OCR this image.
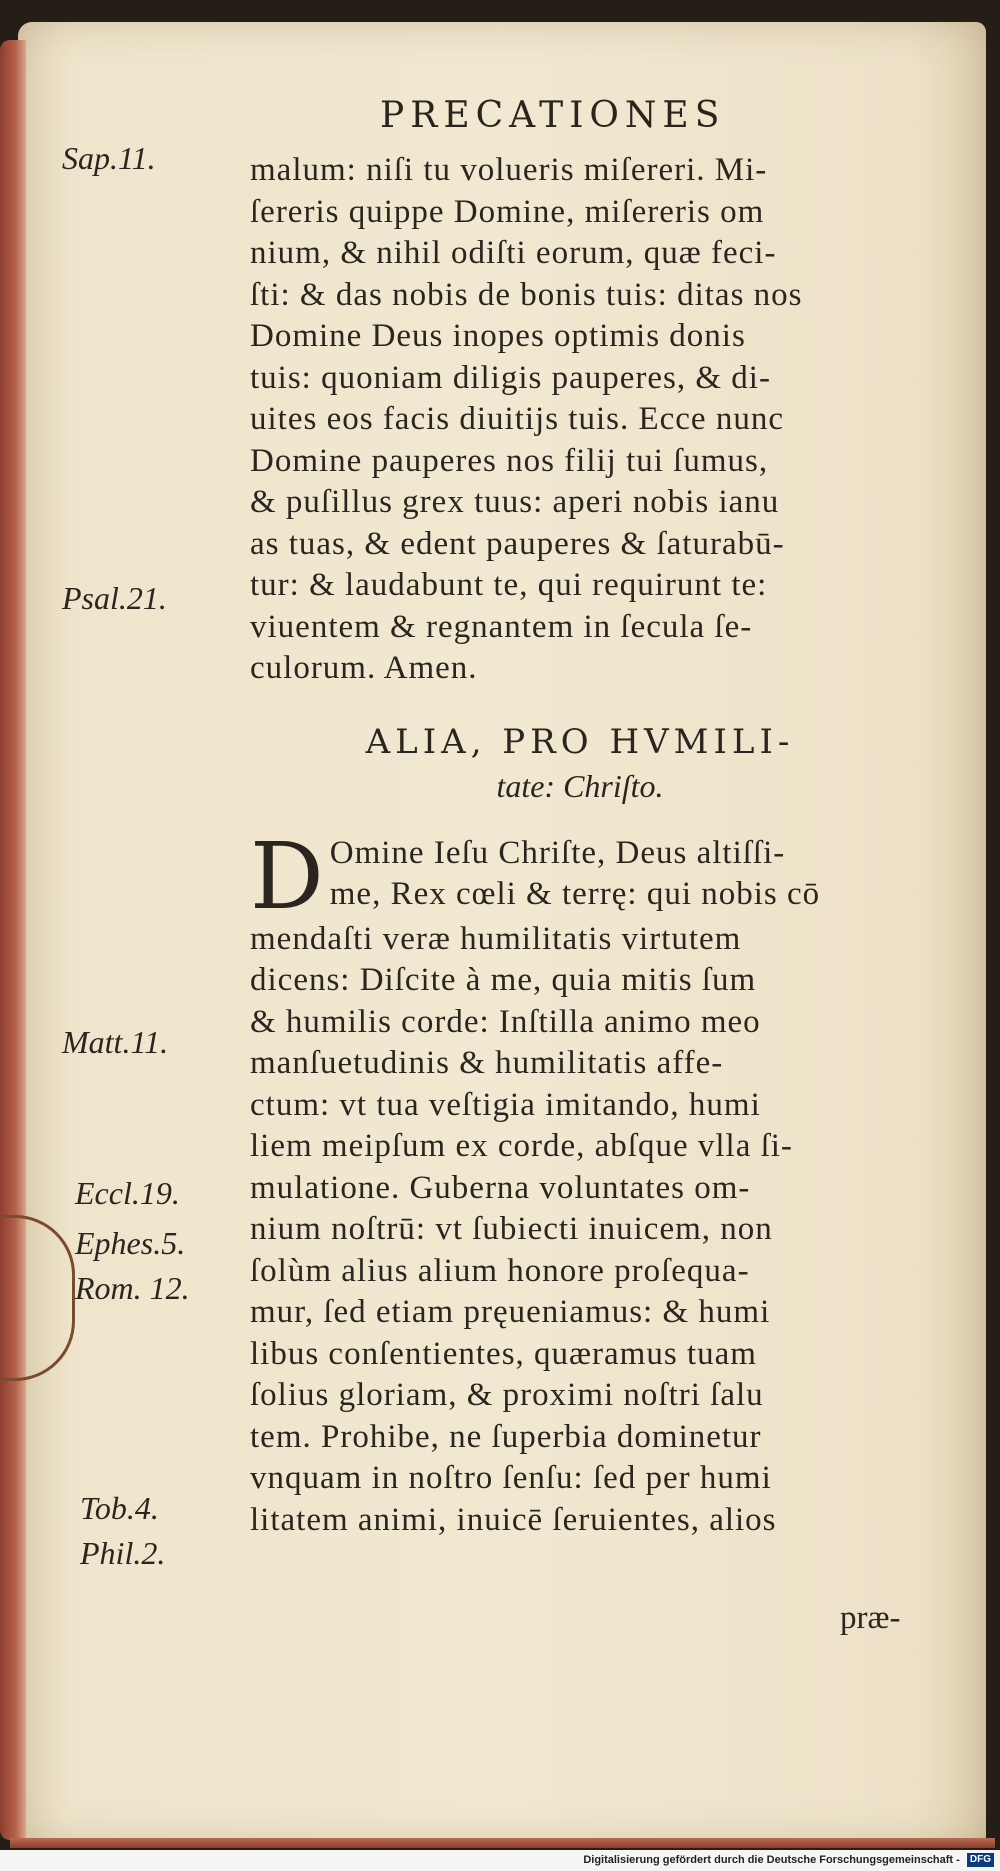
PRECATIONES
Sap.11.
Psal.21.
Matt.11.
Eccl.19.
Ephes.5.
Rom. 12.
Tob.4.
Phil.2.
malum: niſi tu volueris miſereri. Mi-
ſereris quippe Domine, miſereris om
nium, & nihil odiſti eorum, quæ feci-
ſti: & das nobis de bonis tuis: ditas nos
Domine Deus inopes optimis donis
tuis: quoniam diligis pauperes, & di-
uites eos facis diuitijs tuis. Ecce nunc
Domine pauperes nos filij tui ſumus,
& puſillus grex tuus: aperi nobis ianu
as tuas, & edent pauperes & ſaturabū-
tur: & laudabunt te, qui requirunt te:
viuentem & regnantem in ſecula ſe-
culorum. Amen.
ALIA, PRO HVMILI-
tate: Chriſto.
D Omine Ieſu Chriſte, Deus altiſſi-
me, Rex cœli & terrę: qui nobis cō
mendaſti veræ humilitatis virtutem
dicens: Diſcite à me, quia mitis ſum
& humilis corde: Inſtilla animo meo
manſuetudinis & humilitatis affe-
ctum: vt tua veſtigia imitando, humi
liem meipſum ex corde, abſque vlla ſi-
mulatione. Guberna voluntates om-
nium noſtrū: vt ſubiecti inuicem, non
ſolùm alius alium honore proſequa-
mur, ſed etiam pręueniamus: & humi
libus conſentientes, quæramus tuam
ſolius gloriam, & proximi noſtri ſalu
tem. Prohibe, ne ſuperbia dominetur
vnquam in noſtro ſenſu: ſed per humi
litatem animi, inuicē ſeruientes, alios
præ-
Digitalisierung gefördert durch die Deutsche Forschungsgemeinschaft - DFG
